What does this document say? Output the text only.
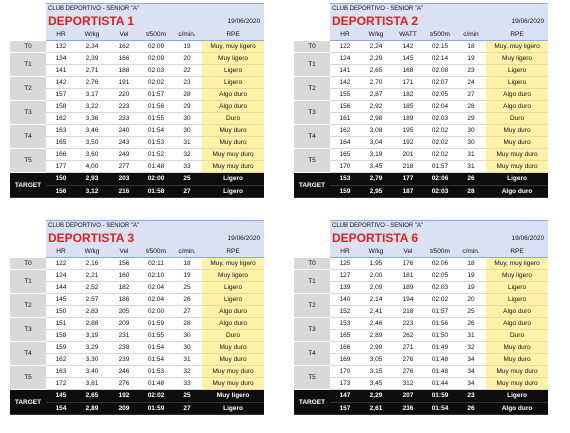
	CLUB DEPORTIVO - SENIOR "A"					
	DEPORTISTA 1				19/06/2020	
	HR	W/kg	Vel	t/500m	c/min.	RPE
T0	132	2,34	162	02:09	19	Muy, muy ligero
T1	134	2,39	166	02:09	20	Muy ligero
	141	2,71	188	02:03	22	Ligero
T2	142	2,76	191	02:02	23	Ligero
	157	3,17	220	01:57	28	Algo duro
T3	158	3,22	223	01:56	29	Algo duro
	162	3,36	233	01:55	30	Duro
T4	163	3,46	240	01:54	30	Muy duro
	165	3,50	243	01:53	31	Muy duro
T5	166	3,60	249	01:52	32	Muy muy duro
	177	4,00	277	01:48	33	Muy muy duro
TARGET	150	2,93	203	02:00	25	Ligero
	156	3,12	216	01:58	27	Ligero
	CLUB DEPORTIVO - SENIOR "A"					
	DEPORTISTA 2				19/06/2020	
	HR	W/kg	WATT	t/500m	c/min	RPE
T0	122	2,24	142	02:15	18	Muy, muy ligero
T1	124	2,29	145	02:14	19	Muy ligero
	141	2,65	168	02:08	23	Ligero
T2	142	2,70	171	02:07	24	Ligero
	155	2,87	182	02:05	27	Algo duro
T3	156	2,92	185	02:04	28	Algo duro
	161	2,98	189	02:03	29	Duro
T4	162	3,08	195	02:02	30	Muy duro
	164	3,04	192	02:02	30	Muy duro
T5	165	3,19	201	02:02	31	Muy muy duro
	170	3,45	218	01:57	31	Muy muy duro
TARGET	153	2,79	177	02:06	26	Ligero
	159	2,95	187	02:03	28	Algo duro
	CLUB DEPORTIVO - SENIOR "A"					
	DEPORTISTA 3				19/06/2020	
	HR	W/kg	Vel	t/500m	c/min.	RPE
T0	122	2,16	156	02:11	18	Muy, muy ligero
T1	124	2,21	160	02:10	19	Muy ligero
	144	2,52	182	02:04	25	Ligero
T2	145	2,57	186	02:04	26	Ligero
	150	2,83	205	02:00	27	Algo duro
T3	151	2,88	209	01:59	28	Algo duro
	158	3,19	231	01:55	30	Duro
T4	159	3,29	238	01:54	30	Muy duro
	162	3,30	239	01:54	31	Muy duro
T5	163	3,40	246	01:53	32	Muy muy duro
	172	3,81	276	01:48	33	Muy muy duro
TARGET	145	2,65	192	02:02	25	Muy ligero
	154	2,89	209	01:59	27	Ligero
	CLUB DEPORTIVO - SENIOR "A"					
	DEPORTISTA 6				19/06/2020	
	HR	W/kg	Vel	t/500m	c/min.	RPE
T0	125	1,95	176	02:06	18	Muy, muy ligero
T1	127	2,00	181	02:05	19	Muy ligero
	139	2,09	189	02:03	19	Ligero
T2	140	2,14	194	02:02	20	Ligero
	152	2,41	218	01:57	25	Algo duro
T3	153	2,46	223	01:56	26	Algo duro
	165	2,89	262	01:50	31	Duro
T4	166	2,99	271	01:49	32	Muy duro
	169	3,05	276	01:48	34	Muy duro
T5	170	3,15	276	01:48	34	Muy muy duro
	173	3,45	312	01:44	34	Muy muy duro
TARGET	147	2,29	207	01:59	23	Ligero
	157	2,61	236	01:54	26	Algo duro
